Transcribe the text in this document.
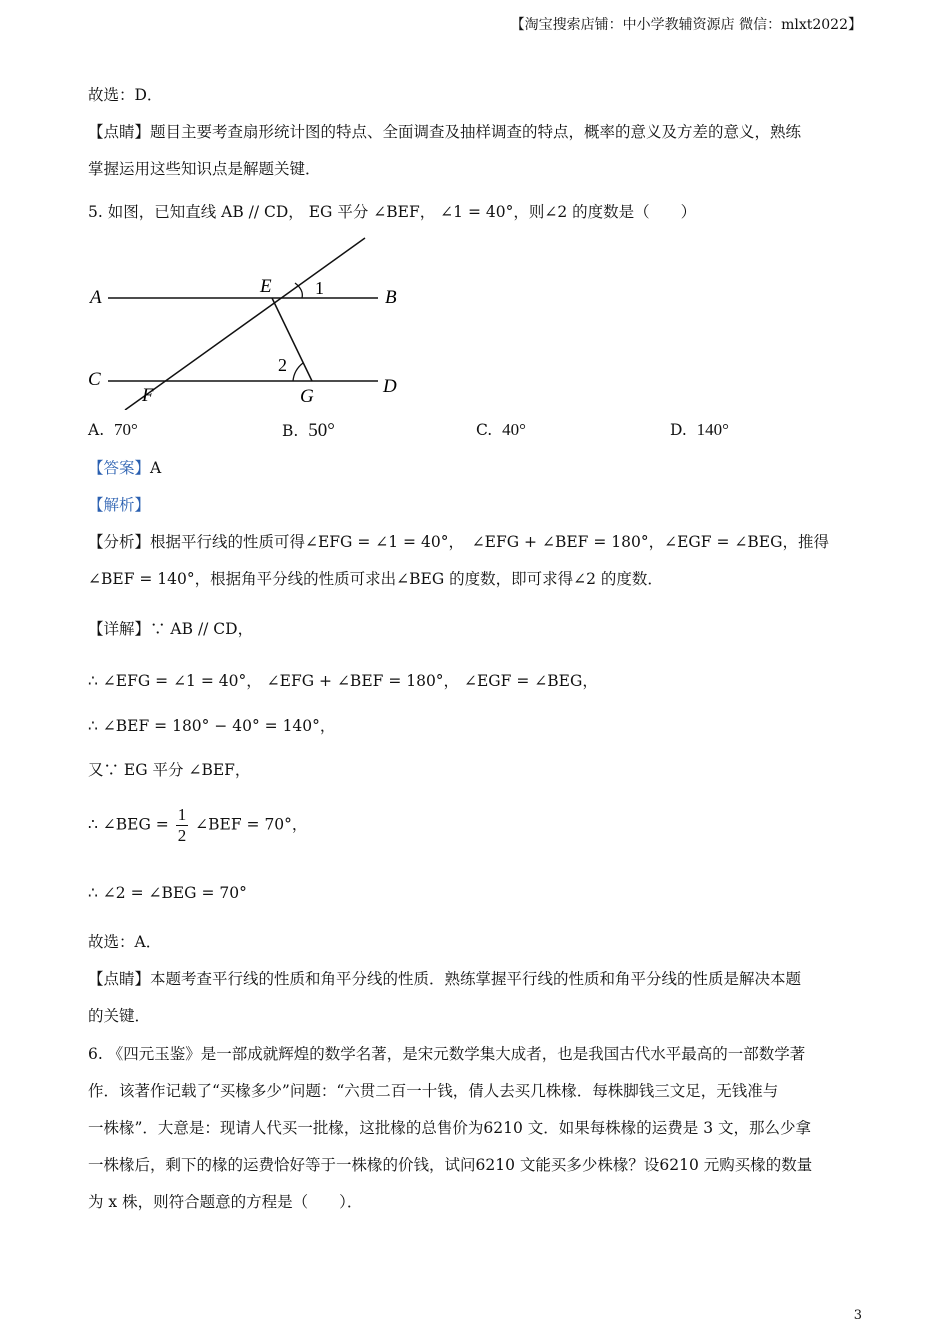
【淘宝搜索店铺：中小学教辅资源店 微信：mlxt2022】
故选：D．
【点睛】题目主要考查扇形统计图的特点、全面调查及抽样调查的特点，概率的意义及方差的意义，熟练
掌握运用这些知识点是解题关键．
5. 如图，已知直线 AB // CD， EG 平分 ∠BEF， ∠1 = 40°，则∠2 的度数是（　　）
A
E 1	B
2
C
F	G	D
A. 70°	B. 50°	C. 40°	D. 140°
【答案】A
【解析】
【分析】根据平行线的性质可得∠EFG = ∠1 = 40°，　∠EFG + ∠BEF = 180°，∠EGF = ∠BEG，推得
∠BEF = 140°，根据角平分线的性质可求出∠BEG 的度数，即可求得∠2 的度数．
【详解】∵ AB // CD，
∴ ∠EFG = ∠1 = 40°， ∠EFG + ∠BEF = 180°， ∠EGF = ∠BEG，
∴ ∠BEF = 180° − 40° = 140°，
又∵ EG 平分 ∠BEF，
∴ ∠BEG = $\frac{1}{2}$ ∠BEF = 70°，
∴ ∠2 = ∠BEG = 70°
故选：A．
【点睛】本题考查平行线的性质和角平分线的性质．熟练掌握平行线的性质和角平分线的性质是解决本题
的关键．
6. 《四元玉鉴》是一部成就辉煌的数学名著，是宋元数学集大成者，也是我国古代水平最高的一部数学著
作．该著作记载了“买椽多少”问题：“六贯二百一十钱，倩人去买几株椽．每株脚钱三文足，无钱准与
一株椽”．大意是：现请人代买一批椽，这批椽的总售价为6210 文．如果每株椽的运费是 3 文，那么少拿
一株椽后，剩下的椽的运费恰好等于一株椽的价钱，试问6210 文能买多少株椽？设6210 元购买椽的数量
为 x 株，则符合题意的方程是（　　）．
3
